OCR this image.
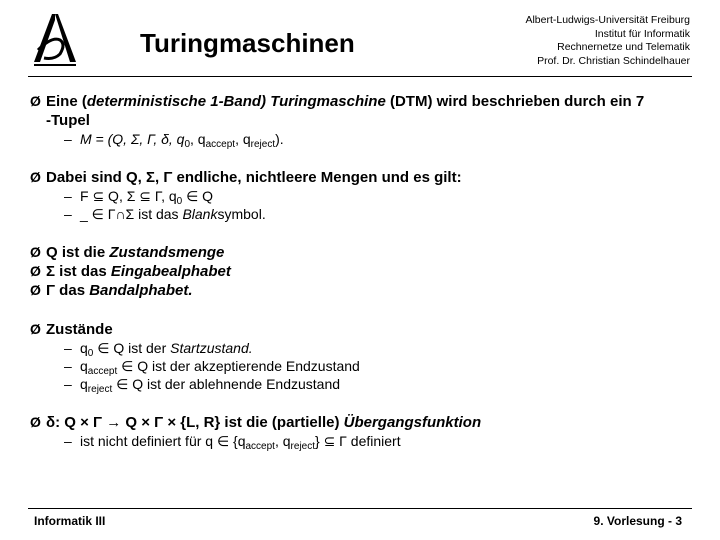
Turingmaschinen
Albert-Ludwigs-Universität Freiburg
Institut für Informatik
Rechnernetze und Telematik
Prof. Dr. Christian Schindelhauer
Ø Eine (deterministische 1-Band) Turingmaschine (DTM) wird beschrieben durch ein 7
-Tupel
– M = (Q, Σ, Γ, δ, $q_0$, $q_{accept}$, $q_{reject}$).
Ø Dabei sind Q, Σ, Γ endliche, nichtleere Mengen und es gilt:
– F ⊆ Q, Σ ⊆ Γ, $q_0$ ∈ Q
– _ ∈ Γ∩Σ ist das Blanksymbol.
Ø Q ist die Zustandsmenge
Ø Σ ist das Eingabealphabet
Ø Γ das Bandalphabet.
Ø Zustände
– $q_0$ ∈ Q ist der Startzustand.
– $q_{accept}$ ∈ Q ist der akzeptierende Endzustand
– $q_{reject}$ ∈ Q ist der ablehnende Endzustand
Ø δ: Q × Γ → Q × Γ × {L, R} ist die (partielle) Übergangsfunktion
– ist nicht definiert für q ∈ {$q_{accept}$, $q_{reject}$} ⊆ Γ definiert
Informatik III	9. Vorlesung - 3
